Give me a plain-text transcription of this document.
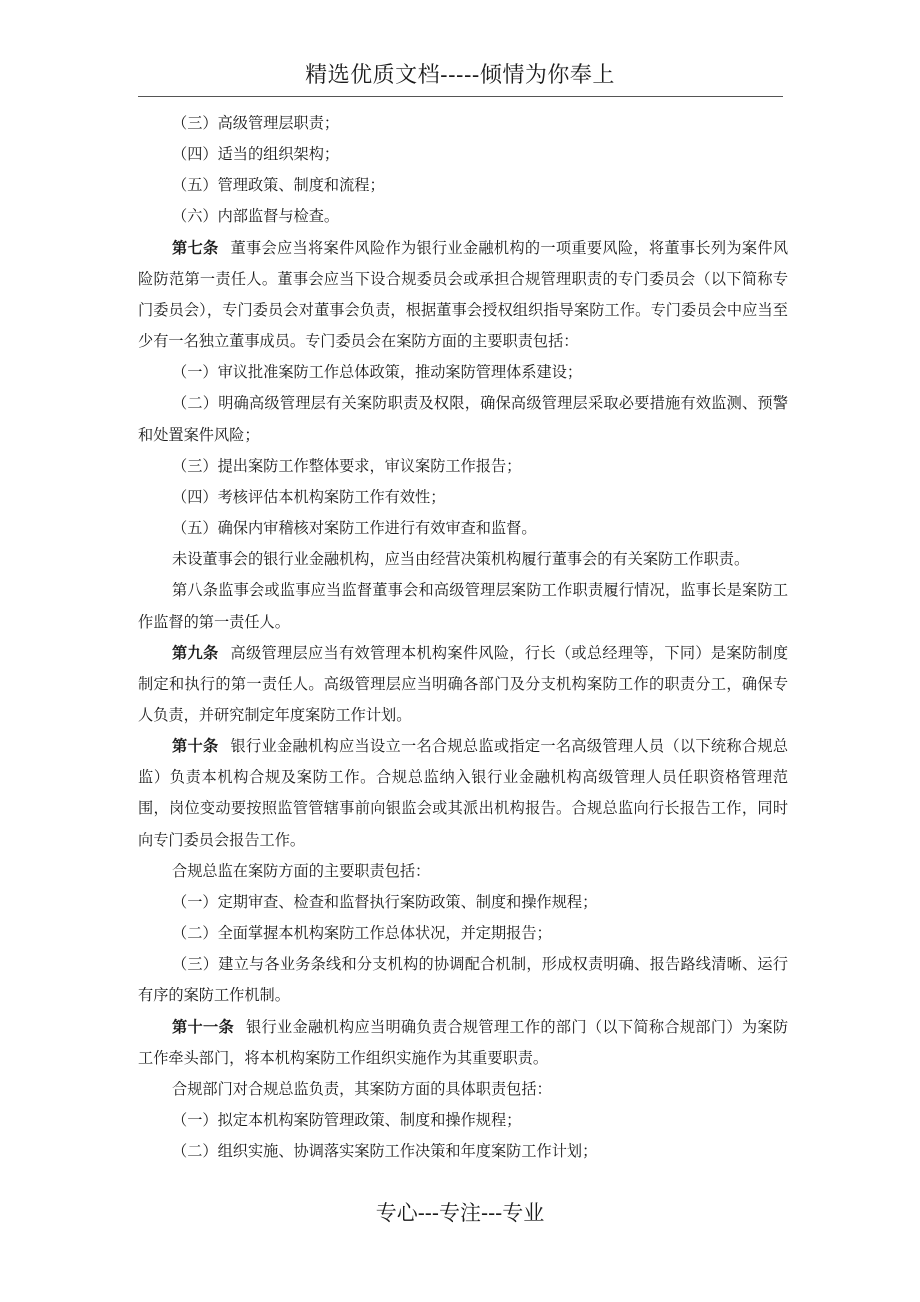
精选优质文档-----倾情为你奉上

（三）高级管理层职责；

（四）适当的组织架构；

（五）管理政策、制度和流程；

（六）内部监督与检查。

第七条 董事会应当将案件风险作为银行业金融机构的一项重要风险，将董事长列为案件风险防范第一责任人。董事会应当下设合规委员会或承担合规管理职责的专门委员会（以下简称专门委员会），专门委员会对董事会负责，根据董事会授权组织指导案防工作。专门委员会中应当至少有一名独立董事成员。专门委员会在案防方面的主要职责包括：

（一）审议批准案防工作总体政策，推动案防管理体系建设；

（二）明确高级管理层有关案防职责及权限，确保高级管理层采取必要措施有效监测、预警和处置案件风险；

（三）提出案防工作整体要求，审议案防工作报告；

（四）考核评估本机构案防工作有效性；

（五）确保内审稽核对案防工作进行有效审查和监督。

未设董事会的银行业金融机构，应当由经营决策机构履行董事会的有关案防工作职责。

第八条监事会或监事应当监督董事会和高级管理层案防工作职责履行情况，监事长是案防工作监督的第一责任人。

第九条 高级管理层应当有效管理本机构案件风险，行长（或总经理等，下同）是案防制度制定和执行的第一责任人。高级管理层应当明确各部门及分支机构案防工作的职责分工，确保专人负责，并研究制定年度案防工作计划。

第十条 银行业金融机构应当设立一名合规总监或指定一名高级管理人员（以下统称合规总监）负责本机构合规及案防工作。合规总监纳入银行业金融机构高级管理人员任职资格管理范围，岗位变动要按照监管管辖事前向银监会或其派出机构报告。合规总监向行长报告工作，同时向专门委员会报告工作。

合规总监在案防方面的主要职责包括：

（一）定期审查、检查和监督执行案防政策、制度和操作规程；

（二）全面掌握本机构案防工作总体状况，并定期报告；

（三）建立与各业务条线和分支机构的协调配合机制，形成权责明确、报告路线清晰、运行有序的案防工作机制。

第十一条 银行业金融机构应当明确负责合规管理工作的部门（以下简称合规部门）为案防工作牵头部门，将本机构案防工作组织实施作为其重要职责。

合规部门对合规总监负责，其案防方面的具体职责包括：

（一）拟定本机构案防管理政策、制度和操作规程；

（二）组织实施、协调落实案防工作决策和年度案防工作计划；

专心---专注---专业
